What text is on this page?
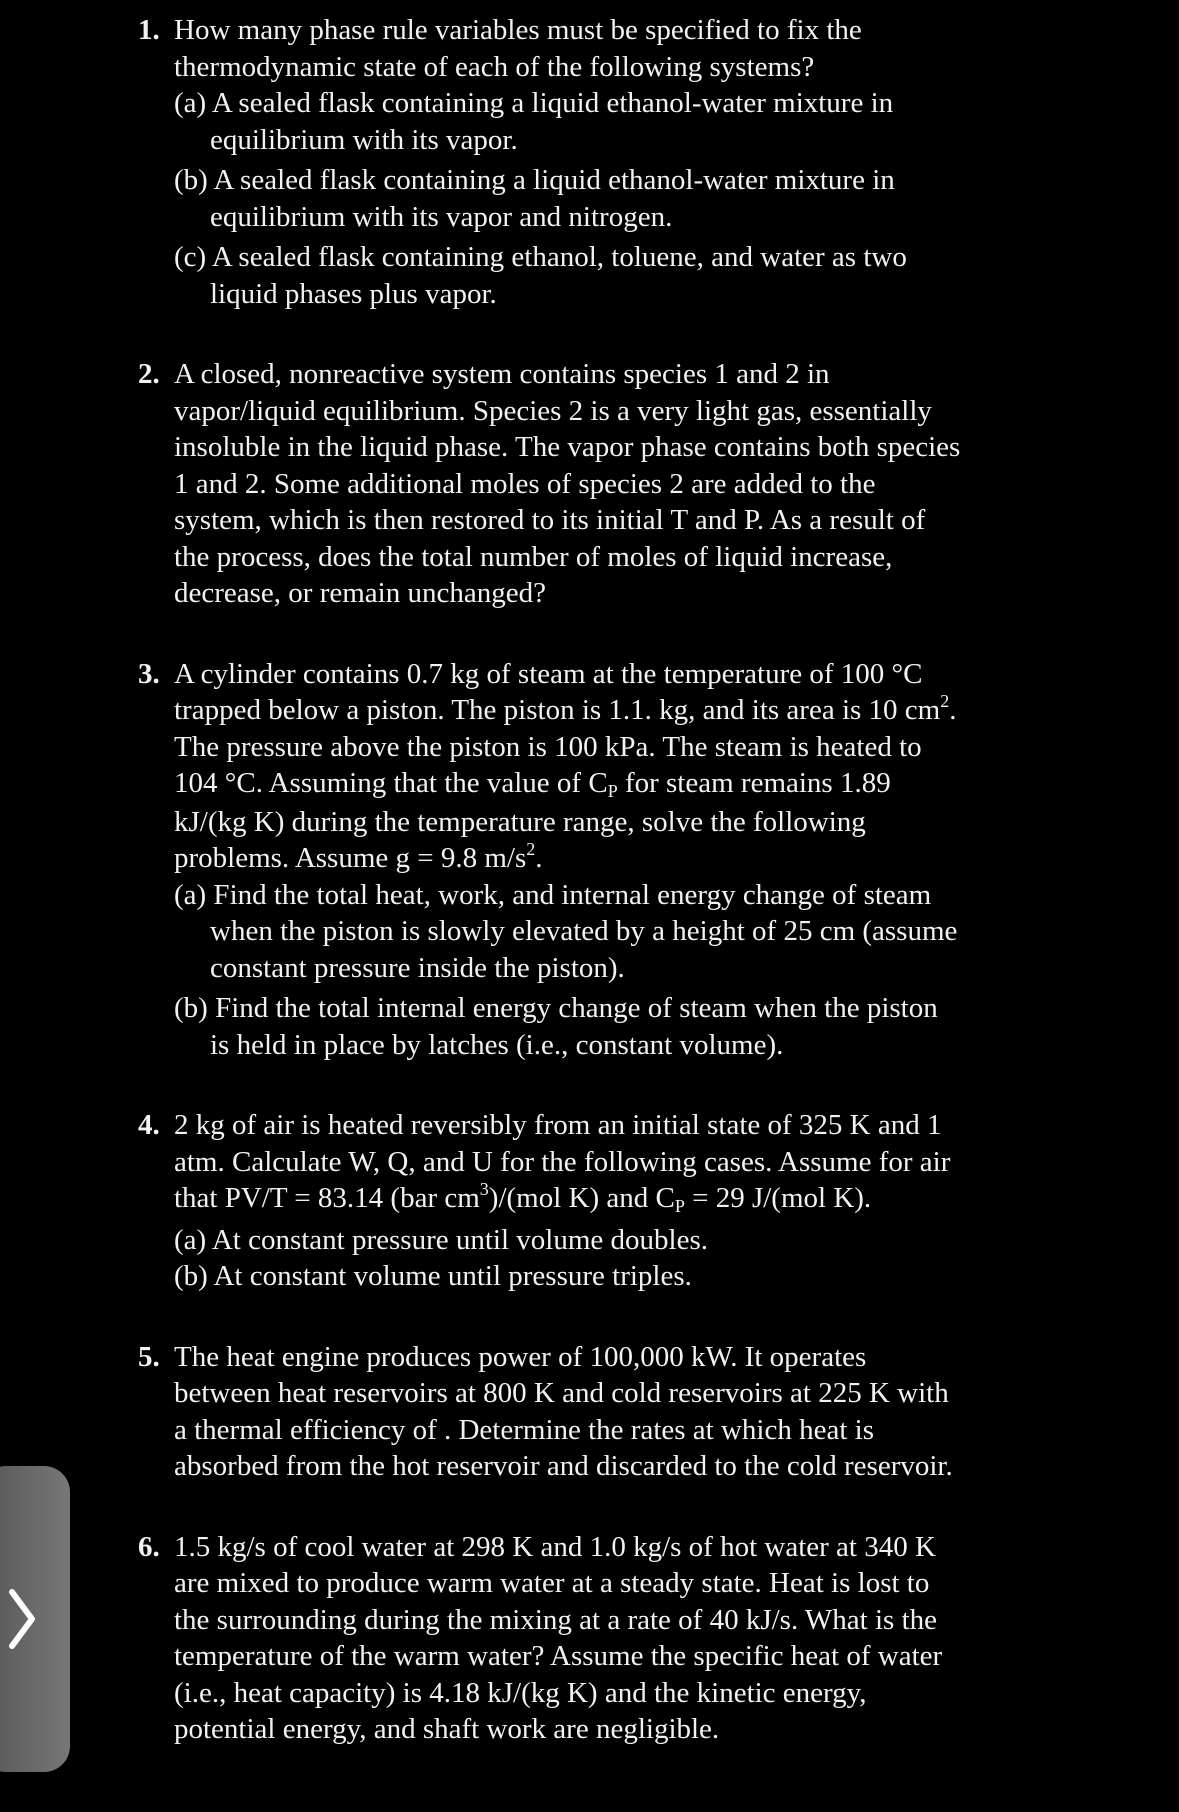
1. How many phase rule variables must be specified to fix the
thermodynamic state of each of the following systems?
(a) A sealed flask containing a liquid ethanol-water mixture in
equilibrium with its vapor.
(b) A sealed flask containing a liquid ethanol-water mixture in
equilibrium with its vapor and nitrogen.
(c) A sealed flask containing ethanol, toluene, and water as two
liquid phases plus vapor.
2. A closed, nonreactive system contains species 1 and 2 in
vapor/liquid equilibrium. Species 2 is a very light gas, essentially
insoluble in the liquid phase. The vapor phase contains both species
1 and 2. Some additional moles of species 2 are added to the
system, which is then restored to its initial T and P. As a result of
the process, does the total number of moles of liquid increase,
decrease, or remain unchanged?
3. A cylinder contains 0.7 kg of steam at the temperature of 100 °C
trapped below a piston. The piston is 1.1. kg, and its area is 10 $cm^2$.
The pressure above the piston is 100 kPa. The steam is heated to
104 °C. Assuming that the value of $C_P$ for steam remains 1.89
kJ/(kg K) during the temperature range, solve the following
problems. Assume g = 9.8 $m/s^2$.
(a) Find the total heat, work, and internal energy change of steam
when the piston is slowly elevated by a height of 25 cm (assume
constant pressure inside the piston).
(b) Find the total internal energy change of steam when the piston
is held in place by latches (i.e., constant volume).
4. 2 kg of air is heated reversibly from an initial state of 325 K and 1
atm. Calculate W, Q, and U for the following cases. Assume for air
that PV/T = 83.14 (bar $cm^3)/(mol$ K) and $C_P = 29$ J/(mol K).
(a) At constant pressure until volume doubles.
(b) At constant volume until pressure triples.
5. The heat engine produces power of 100,000 kW. It operates
between heat reservoirs at 800 K and cold reservoirs at 225 K with
a thermal efficiency of . Determine the rates at which heat is
absorbed from the hot reservoir and discarded to the cold reservoir.
6. 1.5 kg/s of cool water at 298 K and 1.0 kg/s of hot water at 340 K
are mixed to produce warm water at a steady state. Heat is lost to
the surrounding during the mixing at a rate of 40 kJ/s. What is the
temperature of the warm water? Assume the specific heat of water
(i.e., heat capacity) is 4.18 kJ/(kg K) and the kinetic energy,
potential energy, and shaft work are negligible.
